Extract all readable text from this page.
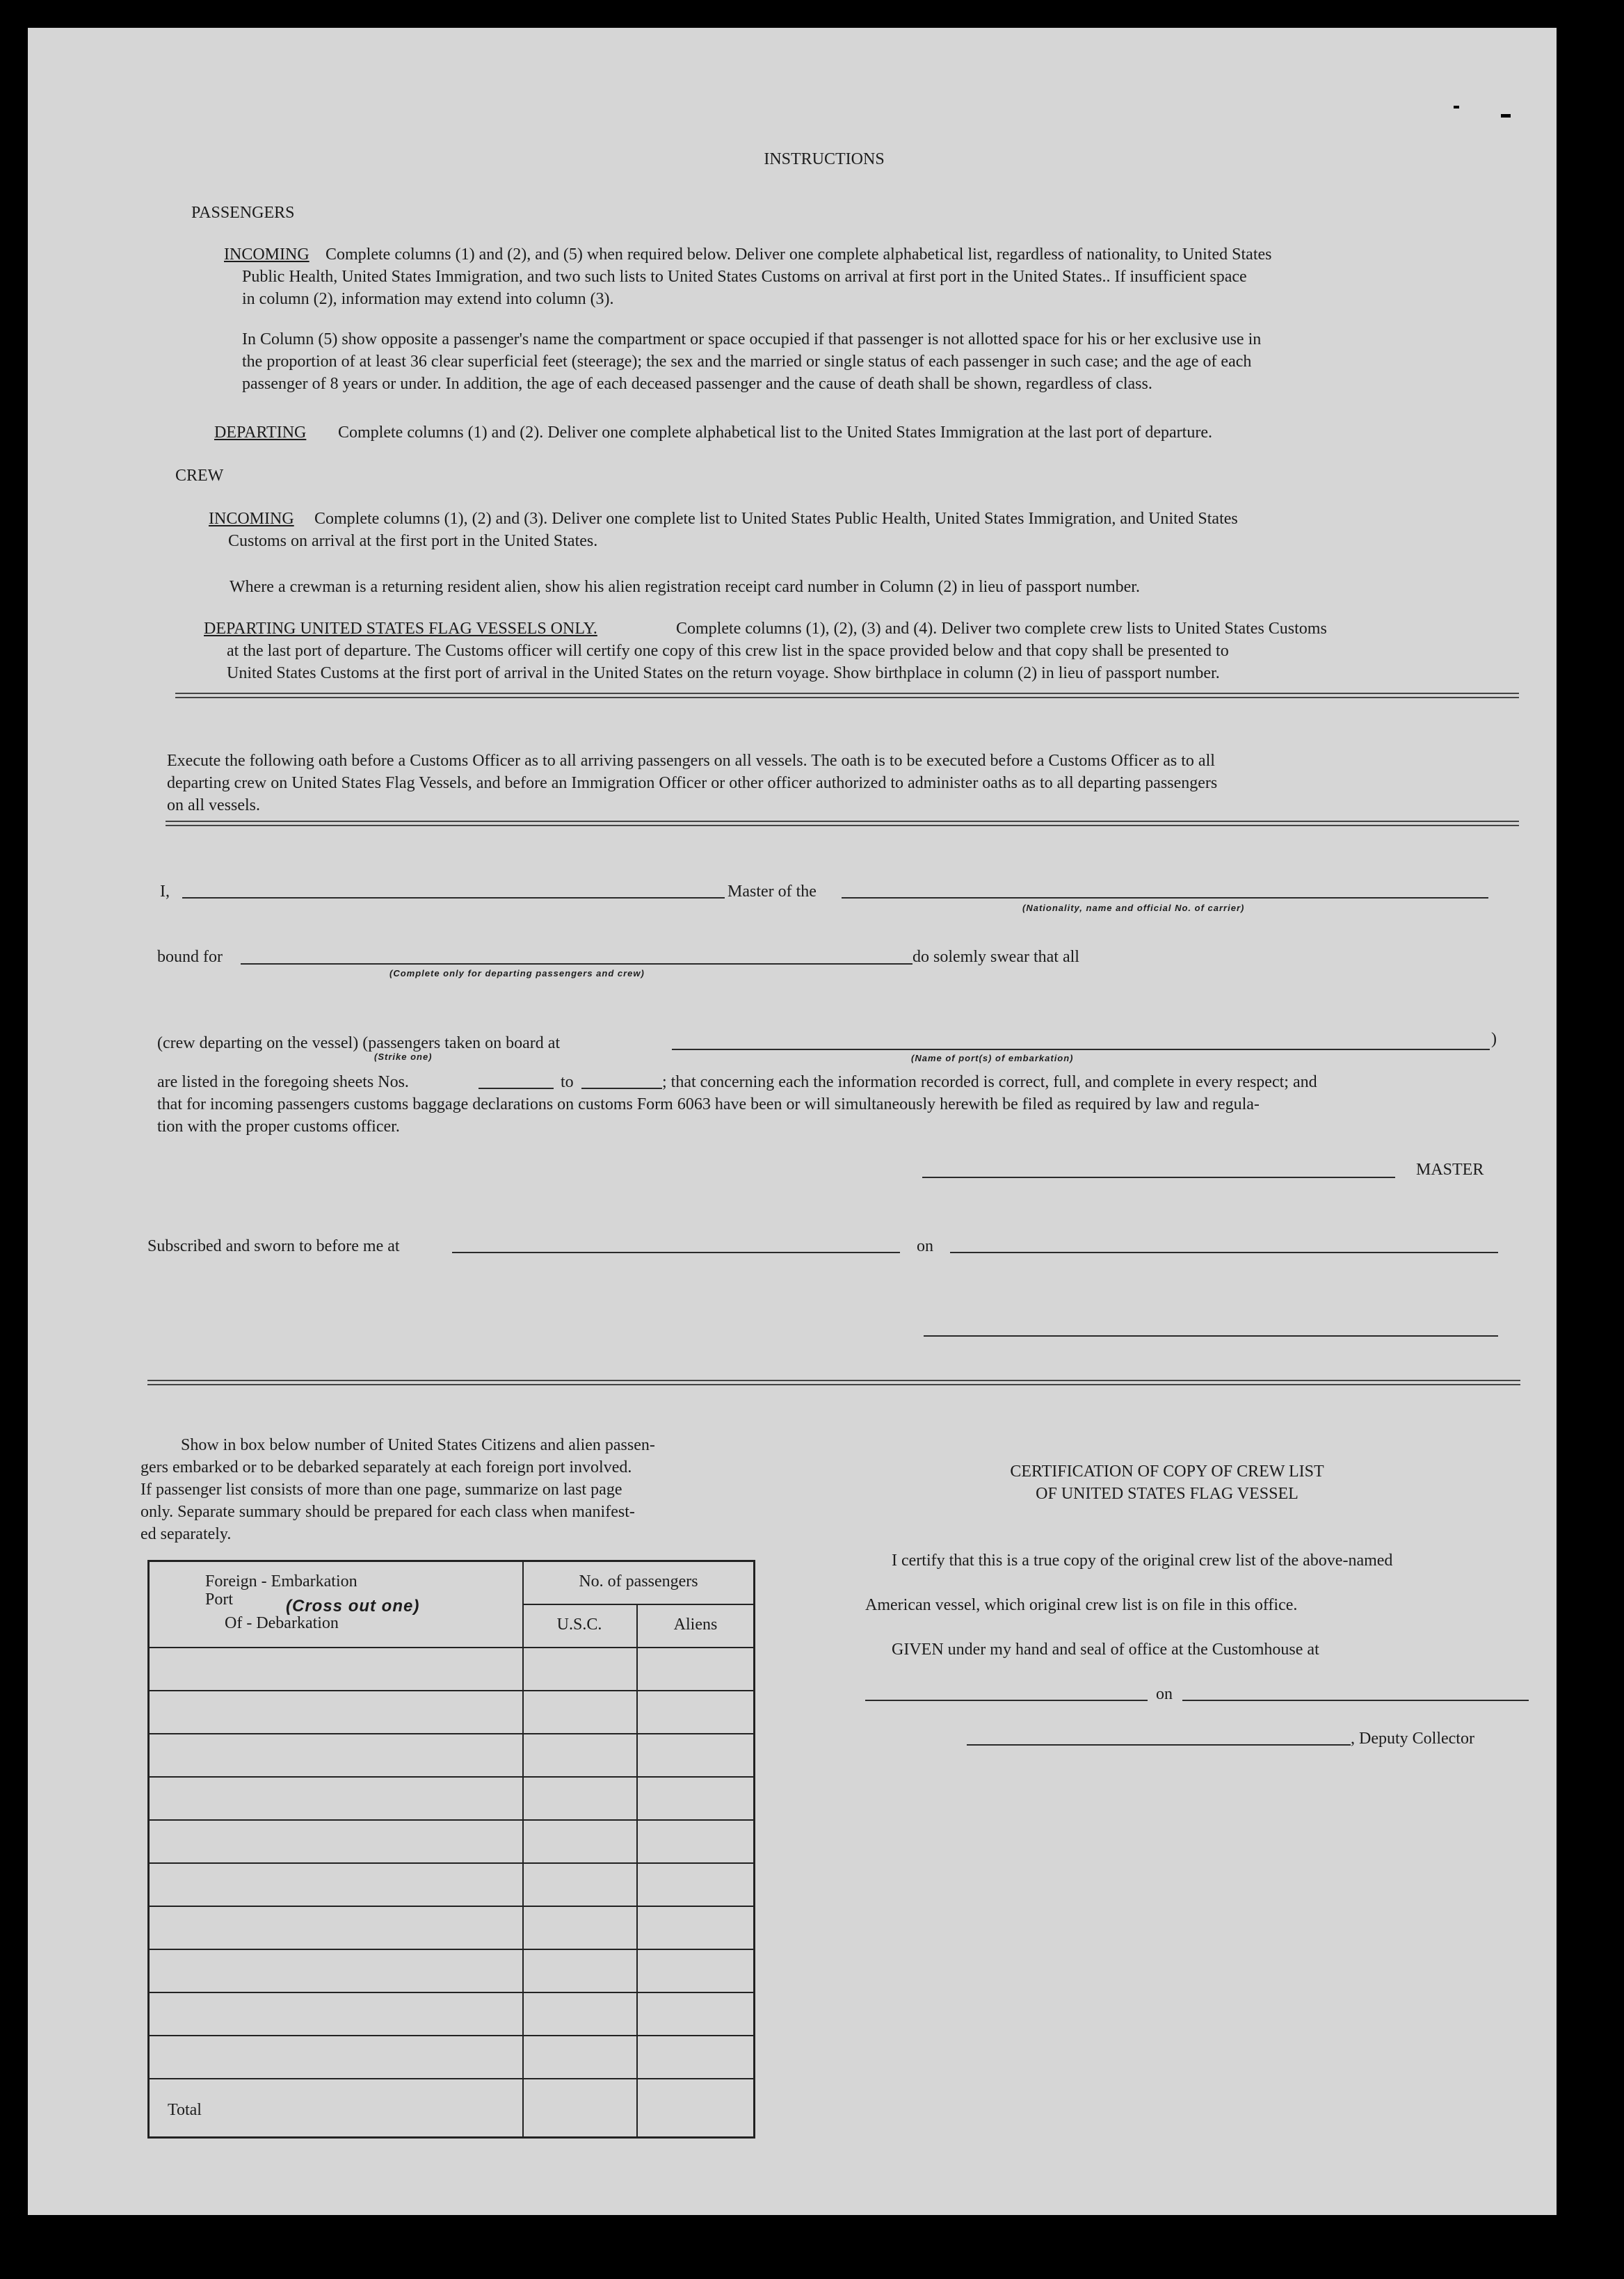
INSTRUCTIONS
PASSENGERS
INCOMING Complete columns (1) and (2), and (5) when required below. Deliver one complete alphabetical list, regardless of nationality, to United States
Public Health, United States Immigration, and two such lists to United States Customs on arrival at first port in the United States.. If insufficient space
in column (2), information may extend into column (3).
In Column (5) show opposite a passenger's name the compartment or space occupied if that passenger is not allotted space for his or her exclusive use in
the proportion of at least 36 clear superficial feet (steerage); the sex and the married or single status of each passenger in such case; and the age of each
passenger of 8 years or under. In addition, the age of each deceased passenger and the cause of death shall be shown, regardless of class.
DEPARTING Complete columns (1) and (2). Deliver one complete alphabetical list to the United States Immigration at the last port of departure.
CREW
INCOMING Complete columns (1), (2) and (3). Deliver one complete list to United States Public Health, United States Immigration, and United States
Customs on arrival at the first port in the United States.
Where a crewman is a returning resident alien, show his alien registration receipt card number in Column (2) in lieu of passport number.
DEPARTING UNITED STATES FLAG VESSELS ONLY.	Complete columns (1), (2), (3) and (4). Deliver two complete crew lists to United States Customs
at the last port of departure. The Customs officer will certify one copy of this crew list in the space provided below and that copy shall be presented to
United States Customs at the first port of arrival in the United States on the return voyage. Show birthplace in column (2) in lieu of passport number.
Execute the following oath before a Customs Officer as to all arriving passengers on all vessels. The oath is to be executed before a Customs Officer as to all
departing crew on United States Flag Vessels, and before an Immigration Officer or other officer authorized to administer oaths as to all departing passengers
on all vessels.
I,	Master of the
(Nationality, name and official No. of carrier)
bound for	do solemly swear that all
(Complete only for departing passengers and crew)
(crew departing on the vessel) (passengers taken on board at
(Strike one)
)
(Name of port(s) of embarkation)
are listed in the foregoing sheets Nos.	to	; that concerning each the information recorded is correct, full, and complete in every respect; and
that for incoming passengers customs baggage declarations on customs Form 6063 have been or will simultaneously herewith be filed as required by law and regula-
tion with the proper customs officer.
MASTER
Subscribed and sworn to before me at	on
Show in box below number of United States Citizens and alien passen-
gers embarked or to be debarked separately at each foreign port involved.
If passenger list consists of more than one page, summarize on last page
only. Separate summary should be prepared for each class when manifest-
ed separately.
Foreign - Embarkation
Port	(Cross out one)
Of - Debarkation
No. of passengers
U.S.C.	Aliens
Total
CERTIFICATION OF COPY OF CREW LIST
OF UNITED STATES FLAG VESSEL
I certify that this is a true copy of the original crew list of the above-named
American vessel, which original crew list is on file in this office.
GIVEN under my hand and seal of office at the Customhouse at
on
, Deputy Collector
